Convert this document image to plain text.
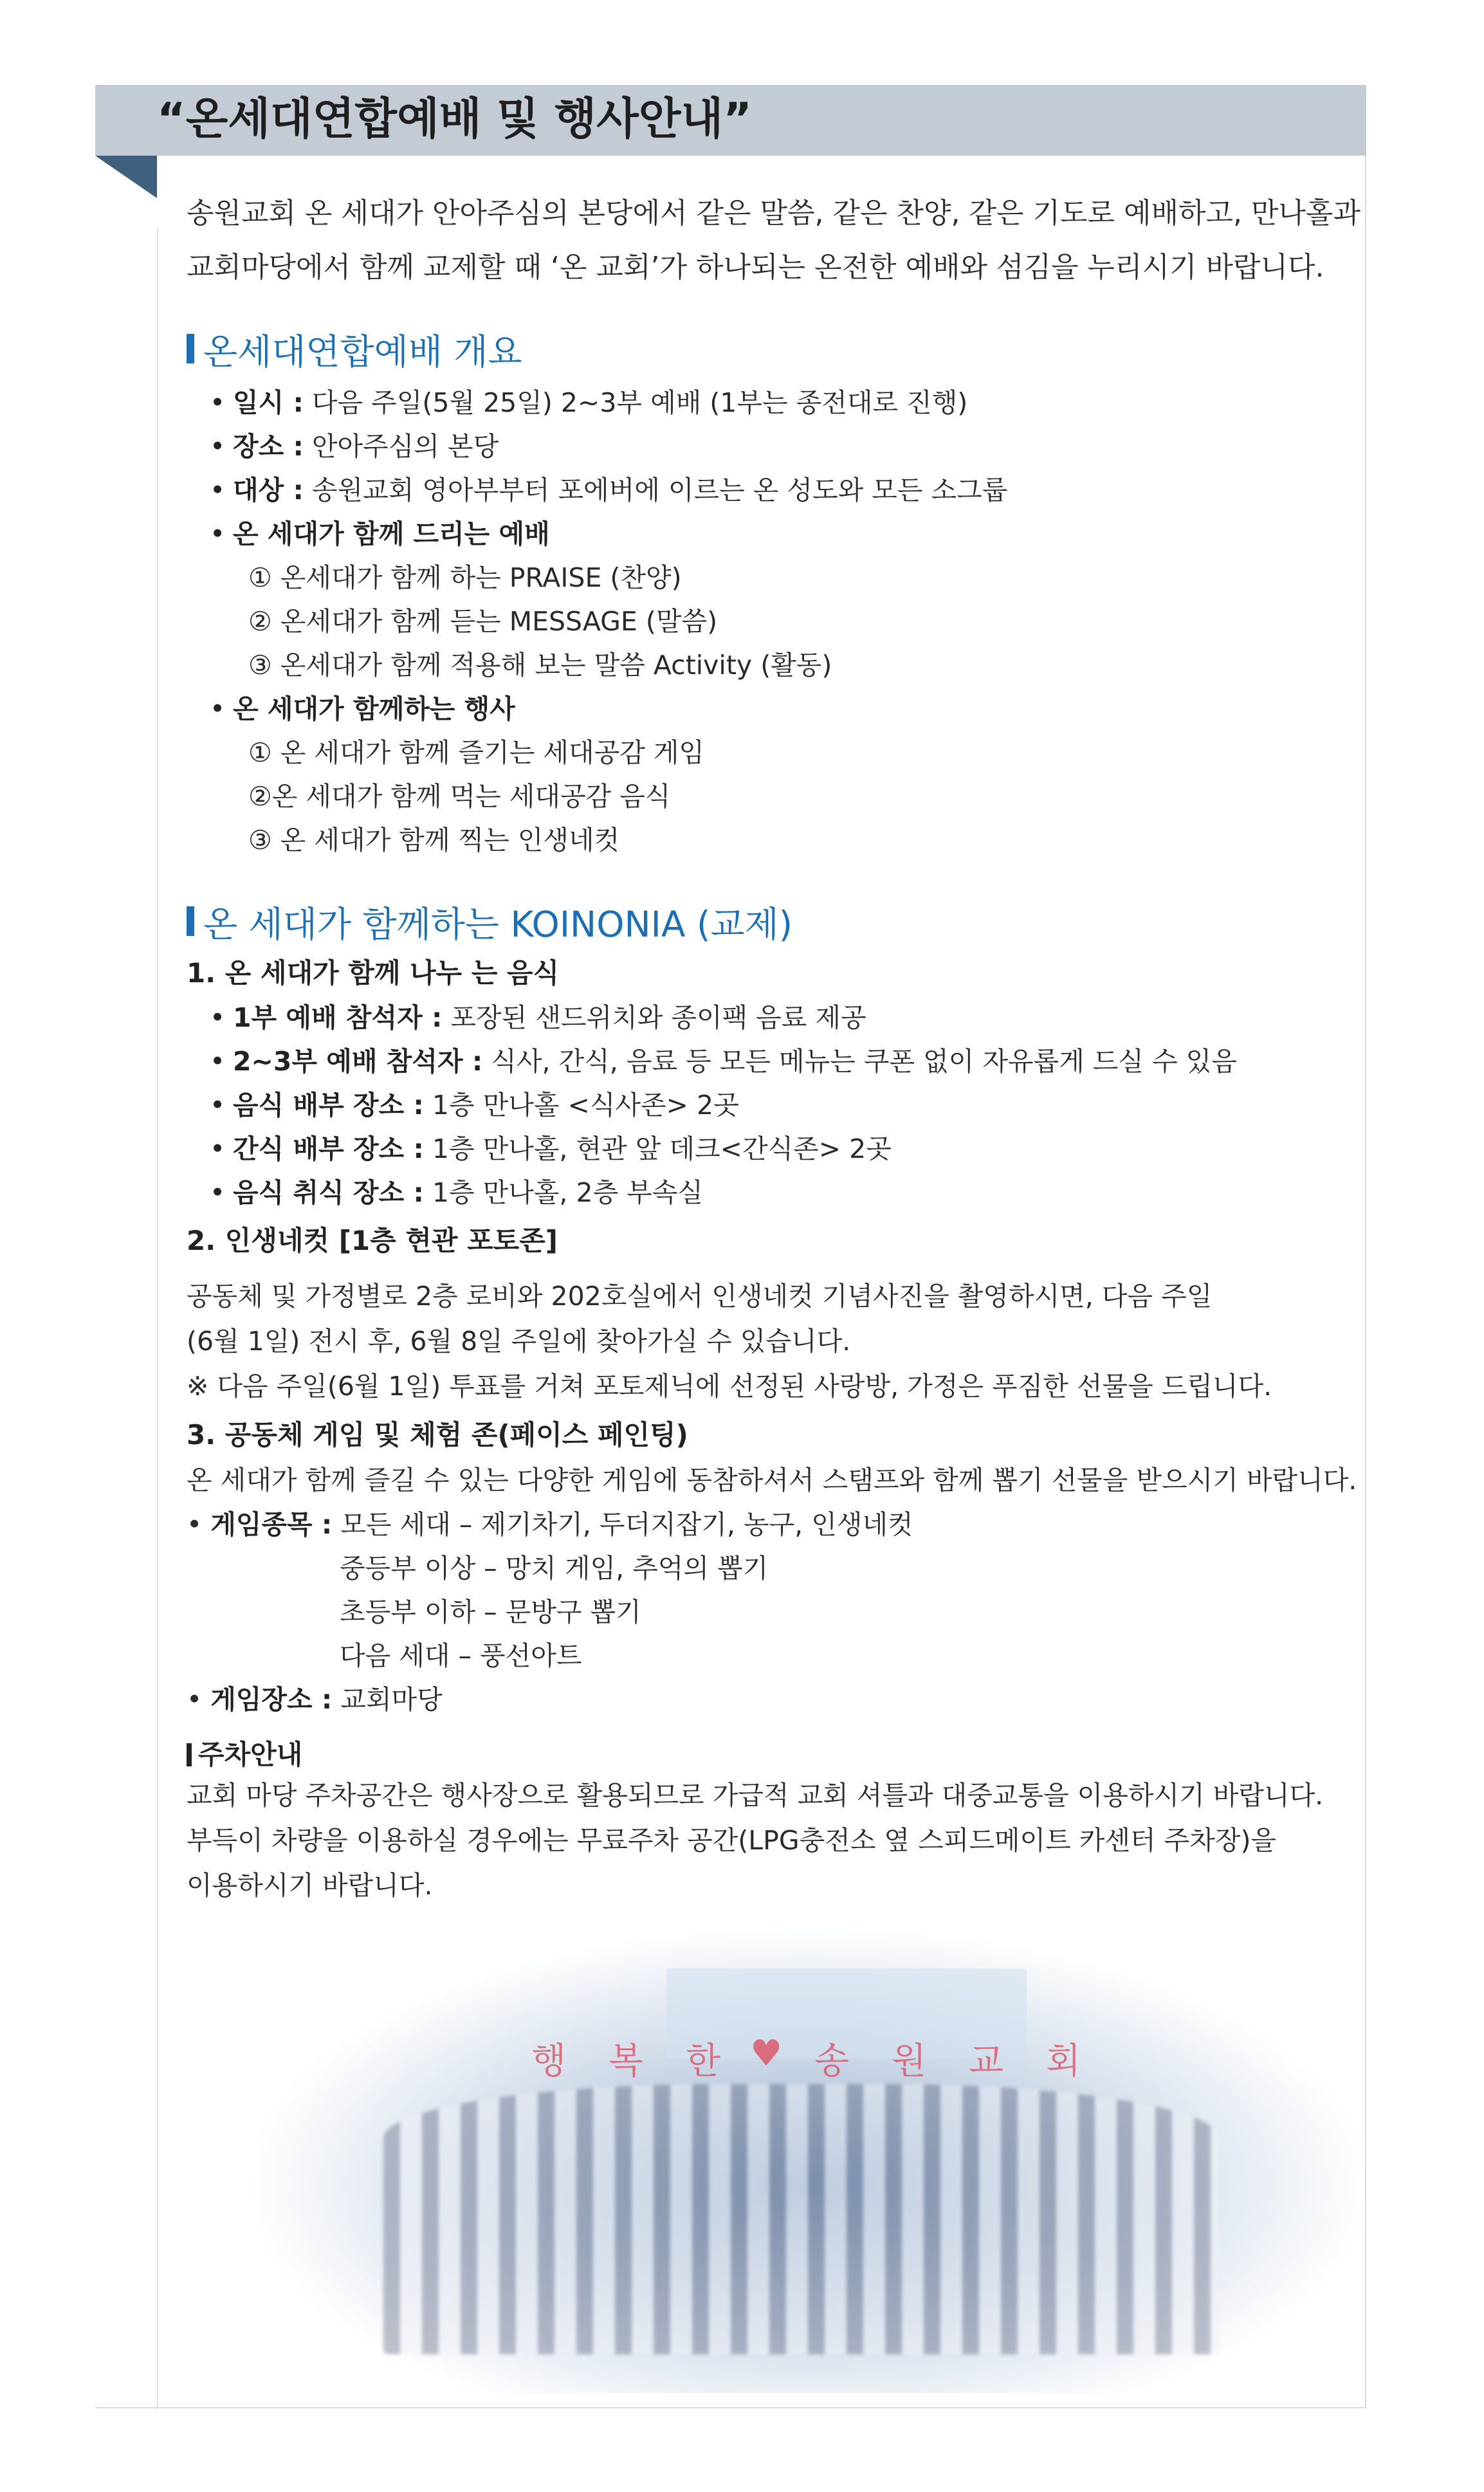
“온세대연합예배 및 행사안내”

송원교회 온 세대가 안아주심의 본당에서 같은 말씀, 같은 찬양, 같은 기도로 예배하고, 만나홀과

교회마당에서 함께 교제할 때 ‘온 교회’가 하나되는 온전한 예배와 섬김을 누리시기 바랍니다.

온세대연합예배 개요
• 일시 : 다음 주일(5월 25일) 2~3부 예배 (1부는 종전대로 진행)
• 장소 : 안아주심의 본당
• 대상 : 송원교회 영아부부터 포에버에 이르는 온 성도와 모든 소그룹
• 온 세대가 함께 드리는 예배
① 온세대가 함께 하는 PRAISE (찬양)
② 온세대가 함께 듣는 MESSAGE (말씀)
③ 온세대가 함께 적용해 보는 말씀 Activity (활동)
• 온 세대가 함께하는 행사
① 온 세대가 함께 즐기는 세대공감 게임
②온 세대가 함께 먹는 세대공감 음식
③ 온 세대가 함께 찍는 인생네컷
온 세대가 함께하는 KOINONIA (교제)
1. 온 세대가 함께 나누 는 음식
• 1부 예배 참석자 : 포장된 샌드위치와 종이팩 음료 제공
• 2~3부 예배 참석자 : 식사, 간식, 음료 등 모든 메뉴는 쿠폰 없이 자유롭게 드실 수 있음
• 음식 배부 장소 : 1층 만나홀 <식사존> 2곳
• 간식 배부 장소 : 1층 만나홀, 현관 앞 데크<간식존> 2곳
• 음식 취식 장소 : 1층 만나홀, 2층 부속실
2. 인생네컷 [1층 현관 포토존]
공동체 및 가정별로 2층 로비와 202호실에서 인생네컷 기념사진을 촬영하시면, 다음 주일
(6월 1일) 전시 후, 6월 8일 주일에 찾아가실 수 있습니다.
※ 다음 주일(6월 1일) 투표를 거쳐 포토제닉에 선정된 사랑방, 가정은 푸짐한 선물을 드립니다.
3. 공동체 게임 및 체험 존(페이스 페인팅)
온 세대가 함께 즐길 수 있는 다양한 게임에 동참하셔서 스탬프와 함께 뽑기 선물을 받으시기 바랍니다.
• 게임종목 : 모든 세대 – 제기차기, 두더지잡기, 농구, 인생네컷
중등부 이상 – 망치 게임, 추억의 뽑기
초등부 이하 – 문방구 뽑기
다음 세대 – 풍선아트
• 게임장소 : 교회마당
주차안내
교회 마당 주차공간은 행사장으로 활용되므로 가급적 교회 셔틀과 대중교통을 이용하시기 바랍니다.
부득이 차량을 이용하실 경우에는 무료주차 공간(LPG충전소 옆 스피드메이트 카센터 주차장)을
이용하시기 바랍니다.
행 복 한 ♥ 송 원 교 회
